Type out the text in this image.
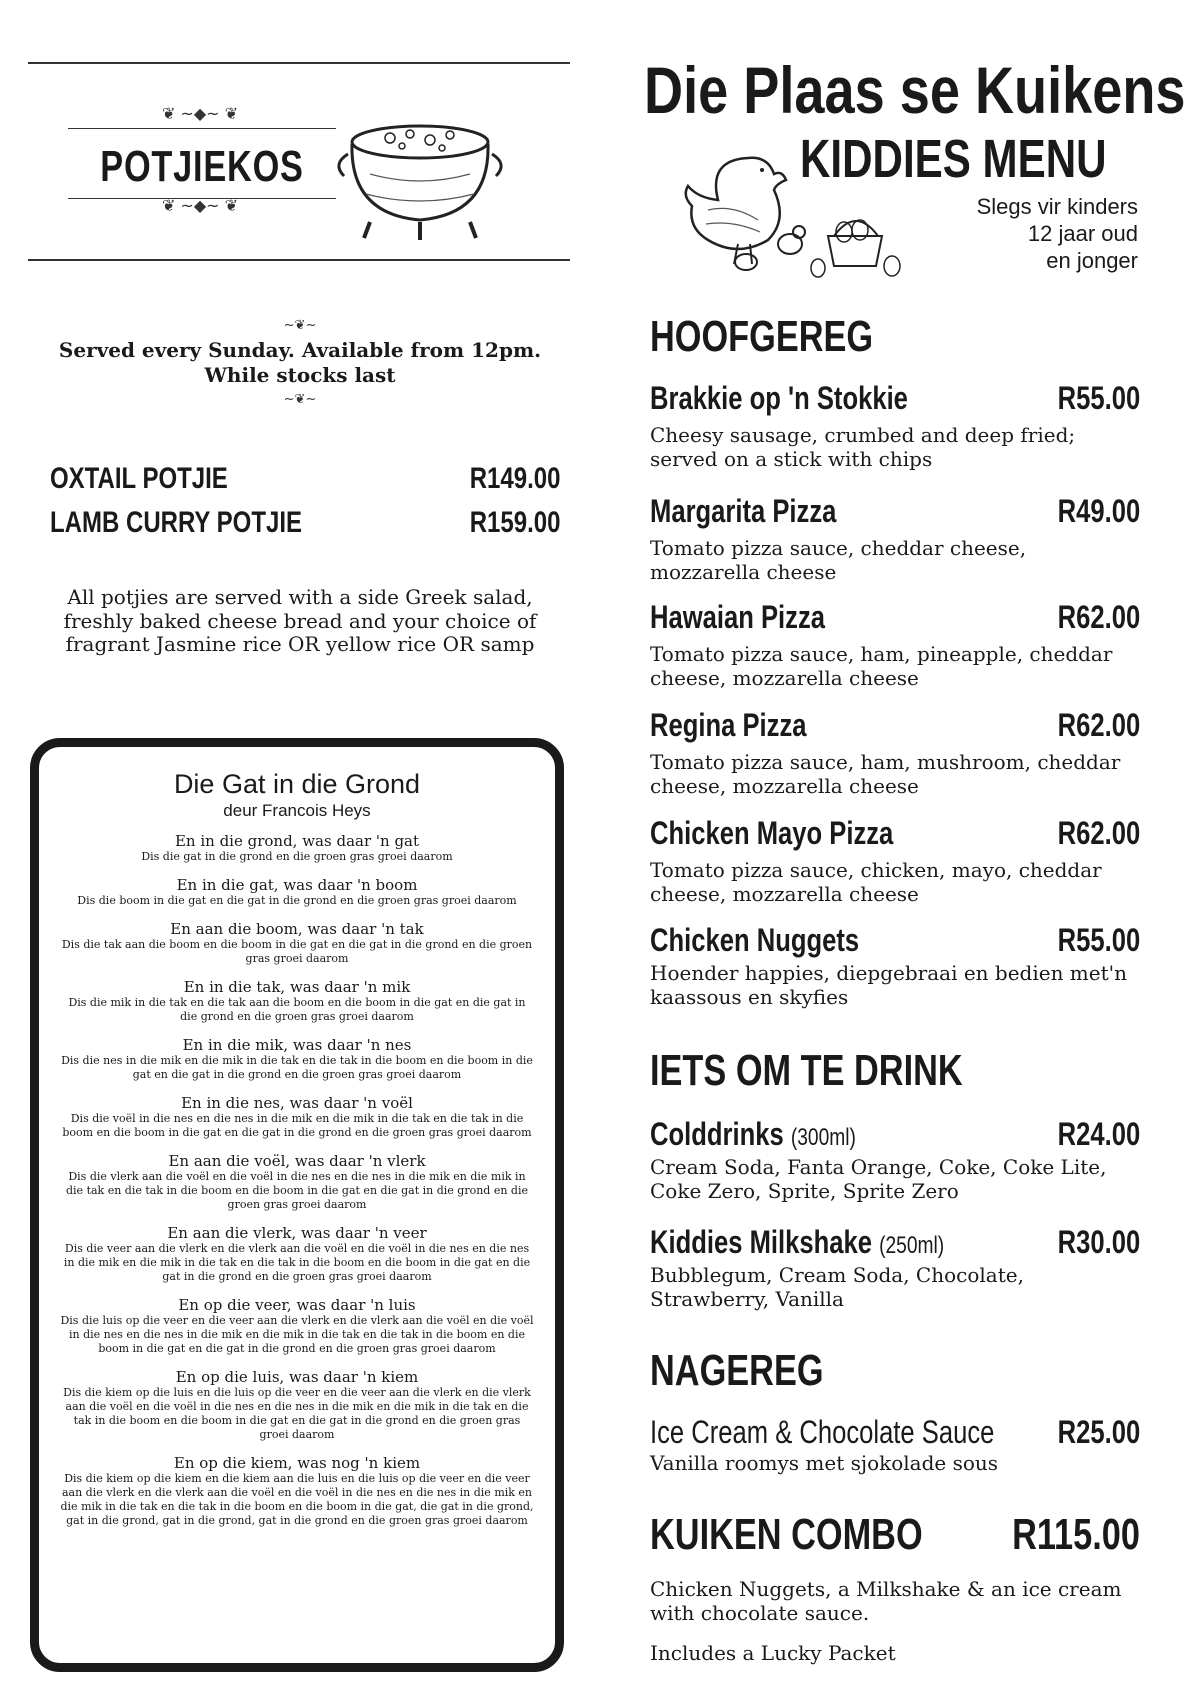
❦ ~◆~ ❦
POTJIEKOS
❦ ~◆~ ❦
~❦~
Served every Sunday. Available from 12pm. While stocks last
~❦~
OXTAIL POTJIE	R149.00
LAMB CURRY POTJIE	R159.00
All potjies are served with a side Greek salad, freshly baked cheese bread and your choice of fragrant Jasmine rice OR yellow rice OR samp
Die Gat in die Grond
deur Francois Heys
En in die grond, was daar 'n gat
Dis die gat in die grond en die groen gras groei daarom
En in die gat, was daar 'n boom
Dis die boom in die gat en die gat in die grond en die groen gras groei daarom
En aan die boom, was daar 'n tak
Dis die tak aan die boom en die boom in die gat en die gat in die grond en die groen gras groei daarom
En in die tak, was daar 'n mik
Dis die mik in die tak en die tak aan die boom en die boom in die gat en die gat in die grond en die groen gras groei daarom
En in die mik, was daar 'n nes
Dis die nes in die mik en die mik in die tak en die tak in die boom en die boom in die gat en die gat in die grond en die groen gras groei daarom
En in die nes, was daar 'n voël
Dis die voël in die nes en die nes in die mik en die mik in die tak en die tak in die boom en die boom in die gat en die gat in die grond en die groen gras groei daarom
En aan die voël, was daar 'n vlerk
Dis die vlerk aan die voël en die voël in die nes en die nes in die mik en die mik in die tak en die tak in die boom en die boom in die gat en die gat in die grond en die groen gras groei daarom
En aan die vlerk, was daar 'n veer
Dis die veer aan die vlerk en die vlerk aan die voël en die voël in die nes en die nes in die mik en die mik in die tak en die tak in die boom en die boom in die gat en die gat in die grond en die groen gras groei daarom
En op die veer, was daar 'n luis
Dis die luis op die veer en die veer aan die vlerk en die vlerk aan die voël en die voël in die nes en die nes in die mik en die mik in die tak en die tak in die boom en die boom in die gat en die gat in die grond en die groen gras groei daarom
En op die luis, was daar 'n kiem
Dis die kiem op die luis en die luis op die veer en die veer aan die vlerk en die vlerk aan die voël en die voël in die nes en die nes in die mik en die mik in die tak en die tak in die boom en die boom in die gat en die gat in die grond en die groen gras groei daarom
En op die kiem, was nog 'n kiem
Dis die kiem op die kiem en die kiem aan die luis en die luis op die veer en die veer aan die vlerk en die vlerk aan die voël en die voël in die nes en die nes in die mik en die mik in die tak en die tak in die boom en die boom in die gat, die gat in die grond, gat in die grond, gat in die grond, gat in die grond en die groen gras groei daarom
Die Plaas se Kuikens
KIDDIES MENU
Slegs vir kinders
12 jaar oud
en jonger
HOOFGEREG
Brakkie op 'n Stokkie	R55.00
Cheesy sausage, crumbed and deep fried; served on a stick with chips
Margarita Pizza	R49.00
Tomato pizza sauce, cheddar cheese, mozzarella cheese
Hawaian Pizza	R62.00
Tomato pizza sauce, ham, pineapple, cheddar cheese, mozzarella cheese
Regina Pizza	R62.00
Tomato pizza sauce, ham, mushroom, cheddar cheese, mozzarella cheese
Chicken Mayo Pizza	R62.00
Tomato pizza sauce, chicken, mayo, cheddar cheese, mozzarella cheese
Chicken Nuggets	R55.00
Hoender happies, diepgebraai en bedien met'n kaassous en skyfies
IETS OM TE DRINK
Colddrinks (300ml)	R24.00
Cream Soda, Fanta Orange, Coke, Coke Lite, Coke Zero, Sprite, Sprite Zero
Kiddies Milkshake (250ml)	R30.00
Bubblegum, Cream Soda, Chocolate, Strawberry, Vanilla
NAGEREG
Ice Cream & Chocolate Sauce R25.00
Vanilla roomys met sjokolade sous
KUIKEN COMBO R115.00
Chicken Nuggets, a Milkshake & an ice cream with chocolate sauce.
Includes a Lucky Packet
